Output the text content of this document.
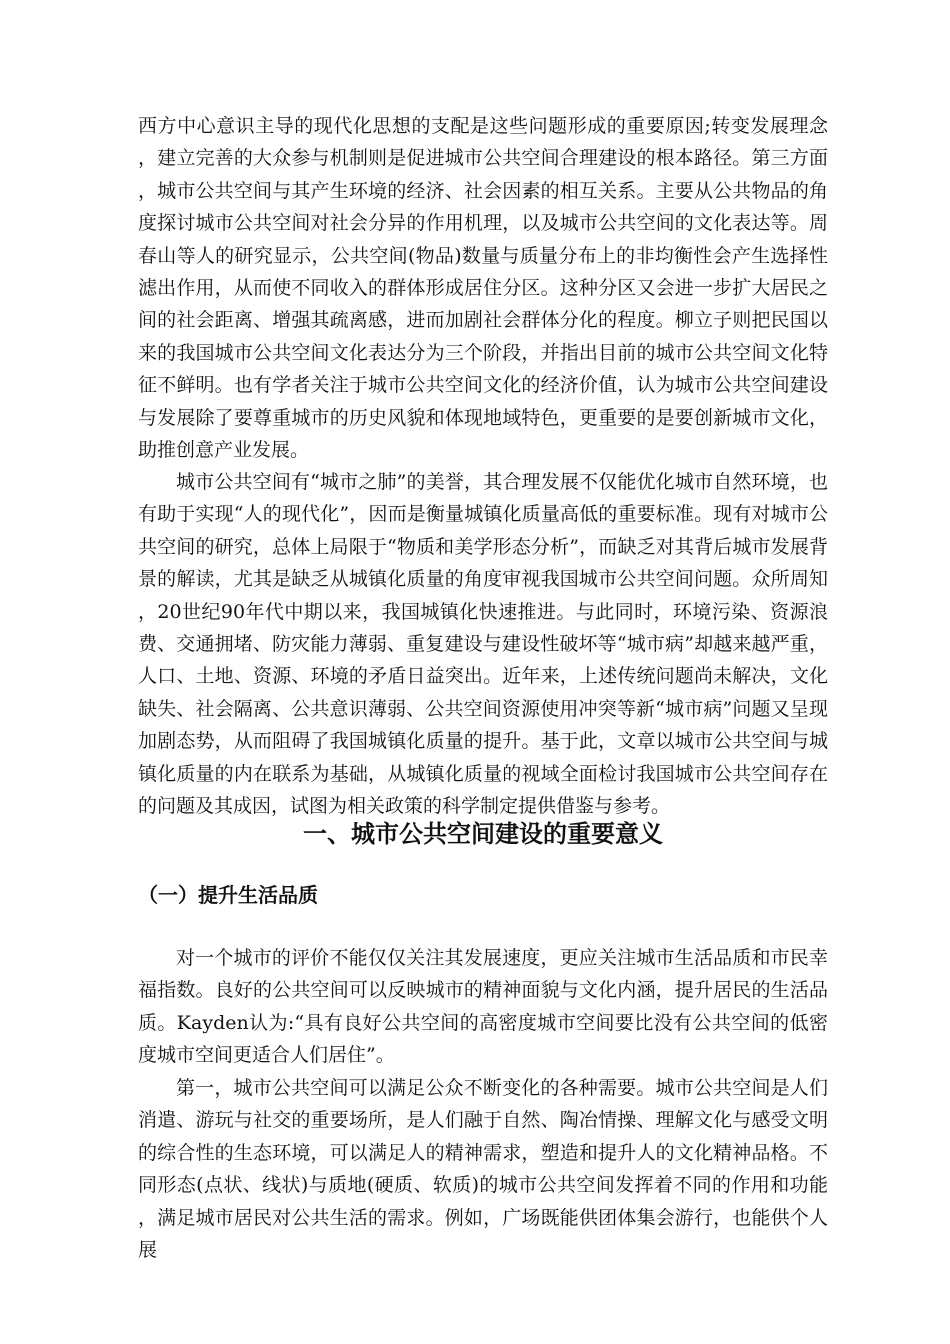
西方中心意识主导的现代化思想的支配是这些问题形成的重要原因;转变发展理念，建立完善的大众参与机制则是促进城市公共空间合理建设的根本路径。第三方面，城市公共空间与其产生环境的经济、社会因素的相互关系。主要从公共物品的角度探讨城市公共空间对社会分异的作用机理，以及城市公共空间的文化表达等。周春山等人的研究显示，公共空间(物品)数量与质量分布上的非均衡性会产生选择性滤出作用，从而使不同收入的群体形成居住分区。这种分区又会进一步扩大居民之间的社会距离、增强其疏离感，进而加剧社会群体分化的程度。柳立子则把民国以来的我国城市公共空间文化表达分为三个阶段，并指出目前的城市公共空间文化特征不鲜明。也有学者关注于城市公共空间文化的经济价值，认为城市公共空间建设与发展除了要尊重城市的历史风貌和体现地域特色，更重要的是要创新城市文化，助推创意产业发展。

城市公共空间有“城市之肺”的美誉，其合理发展不仅能优化城市自然环境，也有助于实现“人的现代化”，因而是衡量城镇化质量高低的重要标准。现有对城市公共空间的研究，总体上局限于“物质和美学形态分析”，而缺乏对其背后城市发展背景的解读，尤其是缺乏从城镇化质量的角度审视我国城市公共空间问题。众所周知，20世纪90年代中期以来，我国城镇化快速推进。与此同时，环境污染、资源浪费、交通拥堵、防灾能力薄弱、重复建设与建设性破坏等“城市病”却越来越严重，人口、土地、资源、环境的矛盾日益突出。近年来，上述传统问题尚未解决，文化缺失、社会隔离、公共意识薄弱、公共空间资源使用冲突等新“城市病”问题又呈现加剧态势，从而阻碍了我国城镇化质量的提升。基于此，文章以城市公共空间与城镇化质量的内在联系为基础，从城镇化质量的视域全面检讨我国城市公共空间存在的问题及其成因，试图为相关政策的科学制定提供借鉴与参考。

一、城市公共空间建设的重要意义
（一）提升生活品质

对一个城市的评价不能仅仅关注其发展速度，更应关注城市生活品质和市民幸福指数。良好的公共空间可以反映城市的精神面貌与文化内涵，提升居民的生活品质。Kayden认为:“具有良好公共空间的高密度城市空间要比没有公共空间的低密度城市空间更适合人们居住”。

第一，城市公共空间可以满足公众不断变化的各种需要。城市公共空间是人们消遣、游玩与社交的重要场所，是人们融于自然、陶冶情操、理解文化与感受文明的综合性的生态环境，可以满足人的精神需求，塑造和提升人的文化精神品格。不同形态(点状、线状)与质地(硬质、软质)的城市公共空间发挥着不同的作用和功能，满足城市居民对公共生活的需求。例如，广场既能供团体集会游行，也能供个人展
